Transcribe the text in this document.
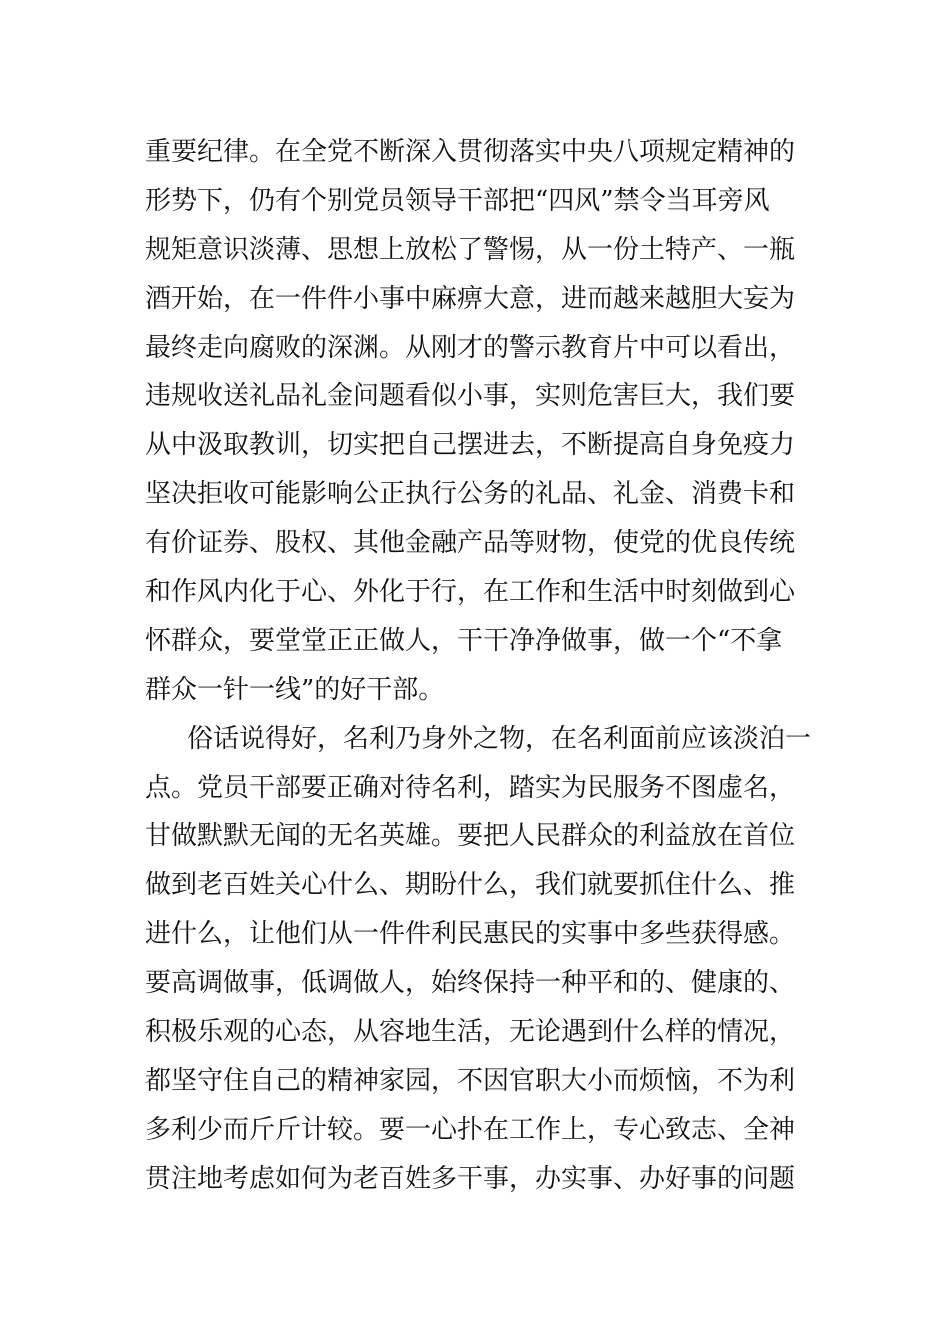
重要纪律。在全党不断深入贯彻落实中央八项规定精神的
形势下，仍有个别党员领导干部把“四风”禁令当耳旁风
规矩意识淡薄、思想上放松了警惕，从一份土特产、一瓶
酒开始，在一件件小事中麻痹大意，进而越来越胆大妄为
最终走向腐败的深渊。从刚才的警示教育片中可以看出，
违规收送礼品礼金问题看似小事，实则危害巨大，我们要
从中汲取教训，切实把自己摆进去，不断提高自身免疫力
坚决拒收可能影响公正执行公务的礼品、礼金、消费卡和
有价证券、股权、其他金融产品等财物，使党的优良传统
和作风内化于心、外化于行，在工作和生活中时刻做到心
怀群众，要堂堂正正做人，干干净净做事，做一个“不拿
群众一针一线”的好干部。
俗话说得好，名利乃身外之物，在名利面前应该淡泊一
点。党员干部要正确对待名利，踏实为民服务不图虚名，
甘做默默无闻的无名英雄。要把人民群众的利益放在首位
做到老百姓关心什么、期盼什么，我们就要抓住什么、推
进什么，让他们从一件件利民惠民的实事中多些获得感。
要高调做事，低调做人，始终保持一种平和的、健康的、
积极乐观的心态，从容地生活，无论遇到什么样的情况，
都坚守住自己的精神家园，不因官职大小而烦恼，不为利
多利少而斤斤计较。要一心扑在工作上，专心致志、全神
贯注地考虑如何为老百姓多干事，办实事、办好事的问题
